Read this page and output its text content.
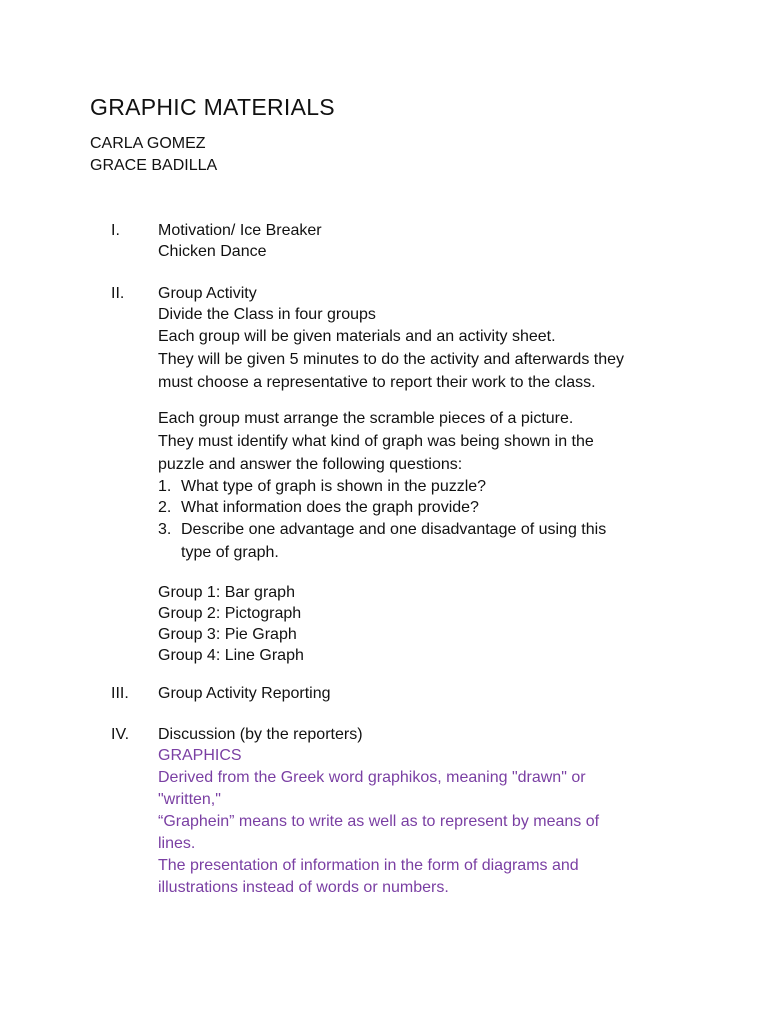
GRAPHIC MATERIALS
CARLA GOMEZ
GRACE BADILLA
I. Motivation/ Ice Breaker
Chicken Dance
II. Group Activity
Divide the Class in four groups
Each group will be given materials and an activity sheet.
They will be given 5 minutes to do the activity and afterwards they
must choose a representative to report their work to the class.
Each group must arrange the scramble pieces of a picture.
They must identify what kind of graph was being shown in the
puzzle and answer the following questions:
1. What type of graph is shown in the puzzle?
2. What information does the graph provide?
3. Describe one advantage and one disadvantage of using this
type of graph.
Group 1: Bar graph
Group 2: Pictograph
Group 3: Pie Graph
Group 4: Line Graph
III. Group Activity Reporting
IV. Discussion (by the reporters)
GRAPHICS
Derived from the Greek word graphikos, meaning "drawn" or
"written,"
“Graphein” means to write as well as to represent by means of
lines.
The presentation of information in the form of diagrams and
illustrations instead of words or numbers.
